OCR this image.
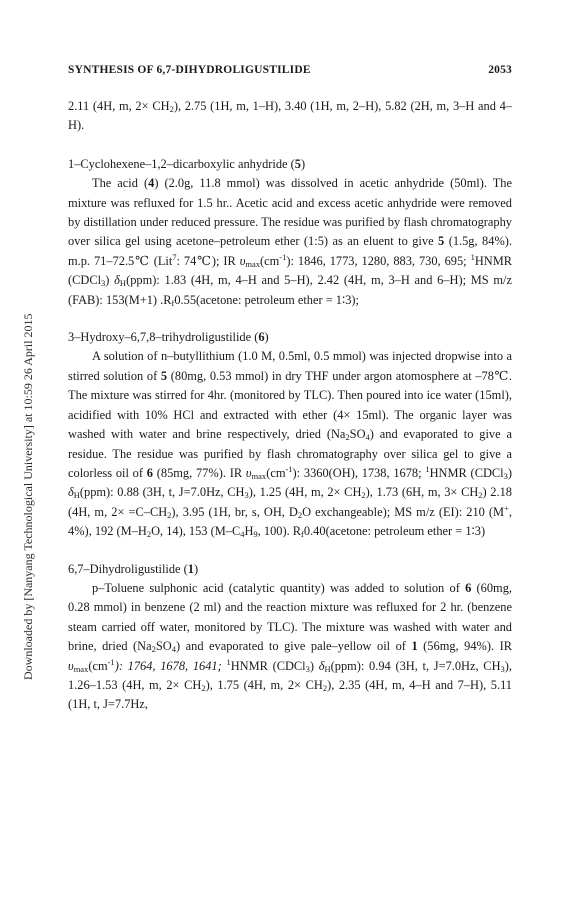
Downloaded by [Nanyang Technological University] at 10:59 26 April 2015
SYNTHESIS OF 6,7-DIHYDROLIGUSTILIDE	2053

2.11 (4H, m, $2\times CH_2$), 2.75 (1H, m, 1–H), 3.40 (1H, m, 2–H), 5.82 (2H, m, 3–H and 4–H).

1–Cyclohexene–1,2–dicarboxylic anhydride (5)

The acid (4) (2.0g, 11.8 mmol) was dissolved in acetic anhydride (50ml). The mixture was refluxed for 1.5 hr.. Acetic acid and excess acetic anhydride were removed by distillation under reduced pressure. The residue was purified by flash chromatography over silica gel using acetone–petroleum ether (1:5) as an eluent to give 5 (1.5g, 84%). m.p. 71–72.5℃ (Lit$^7$: 74℃); IR $\upsilon_{max}(cm^{-1})$: 1846, 1773, 1280, 883, 730, 695; $^1$HNMR (CDCl$_3$) $\delta_H(ppm)$: 1.83 (4H, m, 4–H and 5–H), 2.42 (4H, m, 3–H and 6–H); MS m/z (FAB): 153(M+1) $.R_f0.55(acetone$: petroleum ether = 1∶3);

3–Hydroxy–6,7,8–trihydroligustilide (6)

A solution of n–butyllithium (1.0 M, 0.5ml, 0.5 mmol) was injected dropwise into a stirred solution of 5 (80mg, 0.53 mmol) in dry THF under argon atomosphere at –78℃. The mixture was stirred for 4hr. (monitored by TLC). Then poured into ice water (15ml), acidified with 10% HCl and extracted with ether (4× 15ml). The organic layer was washed with water and brine respectively, dried $(Na_2SO_4)$ and evaporated to give a residue. The residue was purified by flash chromatography over silica gel to give a colorless oil of 6 (85mg, 77%). IR $\upsilon_{max}(cm^{-1})$: 3360(OH), 1738, 1678; $^1$HNMR (CDCl$_3$) $\delta_H(ppm)$: 0.88 (3H, t, J=7.0Hz, $CH_3$), 1.25 (4H, m, $2\times CH_2$), 1.73 (6H, m, $3\times CH_2$) 2.18 (4H, m, $2\times =C-CH_2$), 3.95 (1H, br, s, OH, $D_2O$ exchangeable); MS m/z (EI): 210 (M+, 4%), 192 ($M-H_2O$, 14), 153 ($M-C_4H_9$, 100). $R_f0.40(acetone$: petroleum ether = 1∶3)

6,7–Dihydroligustilide (1)

p–Toluene sulphonic acid (catalytic quantity) was added to solution of 6 (60mg, 0.28 mmol) in benzene (2 ml) and the reaction mixture was refluxed for 2 hr. (benzene steam carried off water, monitored by TLC). The mixture was washed with water and brine, dried $(Na_2SO_4)$ and evaporated to give pale–yellow oil of 1 (56mg, 94%). IR $\upsilon_{max}(cm^{-1})$: 1764, 1678, 1641; $^1$HNMR (CDCl$_3$) $\delta_H(ppm)$: 0.94 (3H, t, J=7.0Hz, $CH_3$), 1.26–1.53 (4H, m, $2\times CH_2$), 1.75 (4H, m, $2\times CH_2$), 2.35 (4H, m, 4–H and 7–H), 5.11 (1H, t, J=7.7Hz,
